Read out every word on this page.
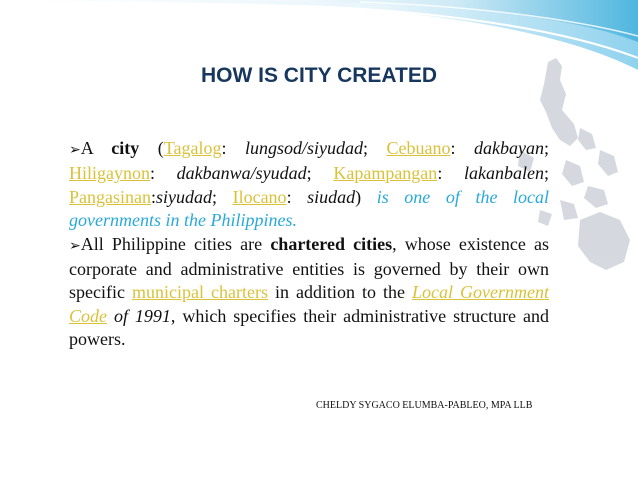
HOW IS CITY CREATED

➢A city (Tagalog: lungsod/siyudad; Cebuano: dakbayan; Hiligaynon: dakbanwa/syudad; Kapampangan: lakanbalen; Pangasinan:siyudad; Ilocano: siudad) is one of the local governments in the Philippines.

➢All Philippine cities are chartered cities, whose existence as corporate and administrative entities is governed by their own specific municipal charters in addition to the Local Government Code of 1991, which specifies their administrative structure and powers.

CHELDY SYGACO ELUMBA-PABLEO, MPA LLB
